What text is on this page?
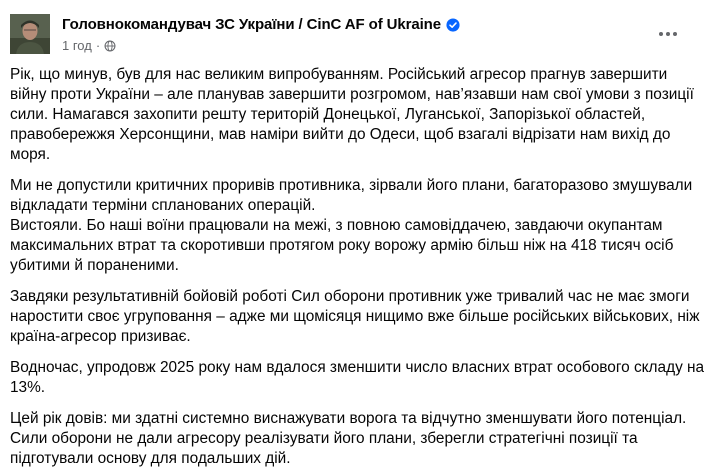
Головнокомандувач ЗС України / CinC AF of Ukraine
1 год ·
Рік, що минув, був для нас великим випробуванням. Російський агресор прагнув завершити
війну проти України – але планував завершити розгромом, нав’язавши нам свої умови з позиції
сили. Намагався захопити решту територій Донецької, Луганської, Запорізької областей,
правобережжя Херсонщини, мав наміри вийти до Одеси, щоб взагалі відрізати нам вихід до
моря.
Ми не допустили критичних проривів противника, зірвали його плани, багаторазово змушували
відкладати терміни спланованих операцій.
Вистояли. Бо наші воїни працювали на межі, з повною самовіддачею, завдаючи окупантам
максимальних втрат та скоротивши протягом року ворожу армію більш ніж на 418 тисяч осіб
убитими й пораненими.
Завдяки результативній бойовій роботі Сил оборони противник уже тривалий час не має змоги
наростити своє угруповання – адже ми щомісяця нищимо вже більше російських військових, ніж
країна-агресор призиває.
Водночас, упродовж 2025 року нам вдалося зменшити число власних втрат особового складу на
13%.
Цей рік довів: ми здатні системно виснажувати ворога та відчутно зменшувати його потенціал.
Сили оборони не дали агресору реалізувати його плани, зберегли стратегічні позиції та
підготували основу для подальших дій.
